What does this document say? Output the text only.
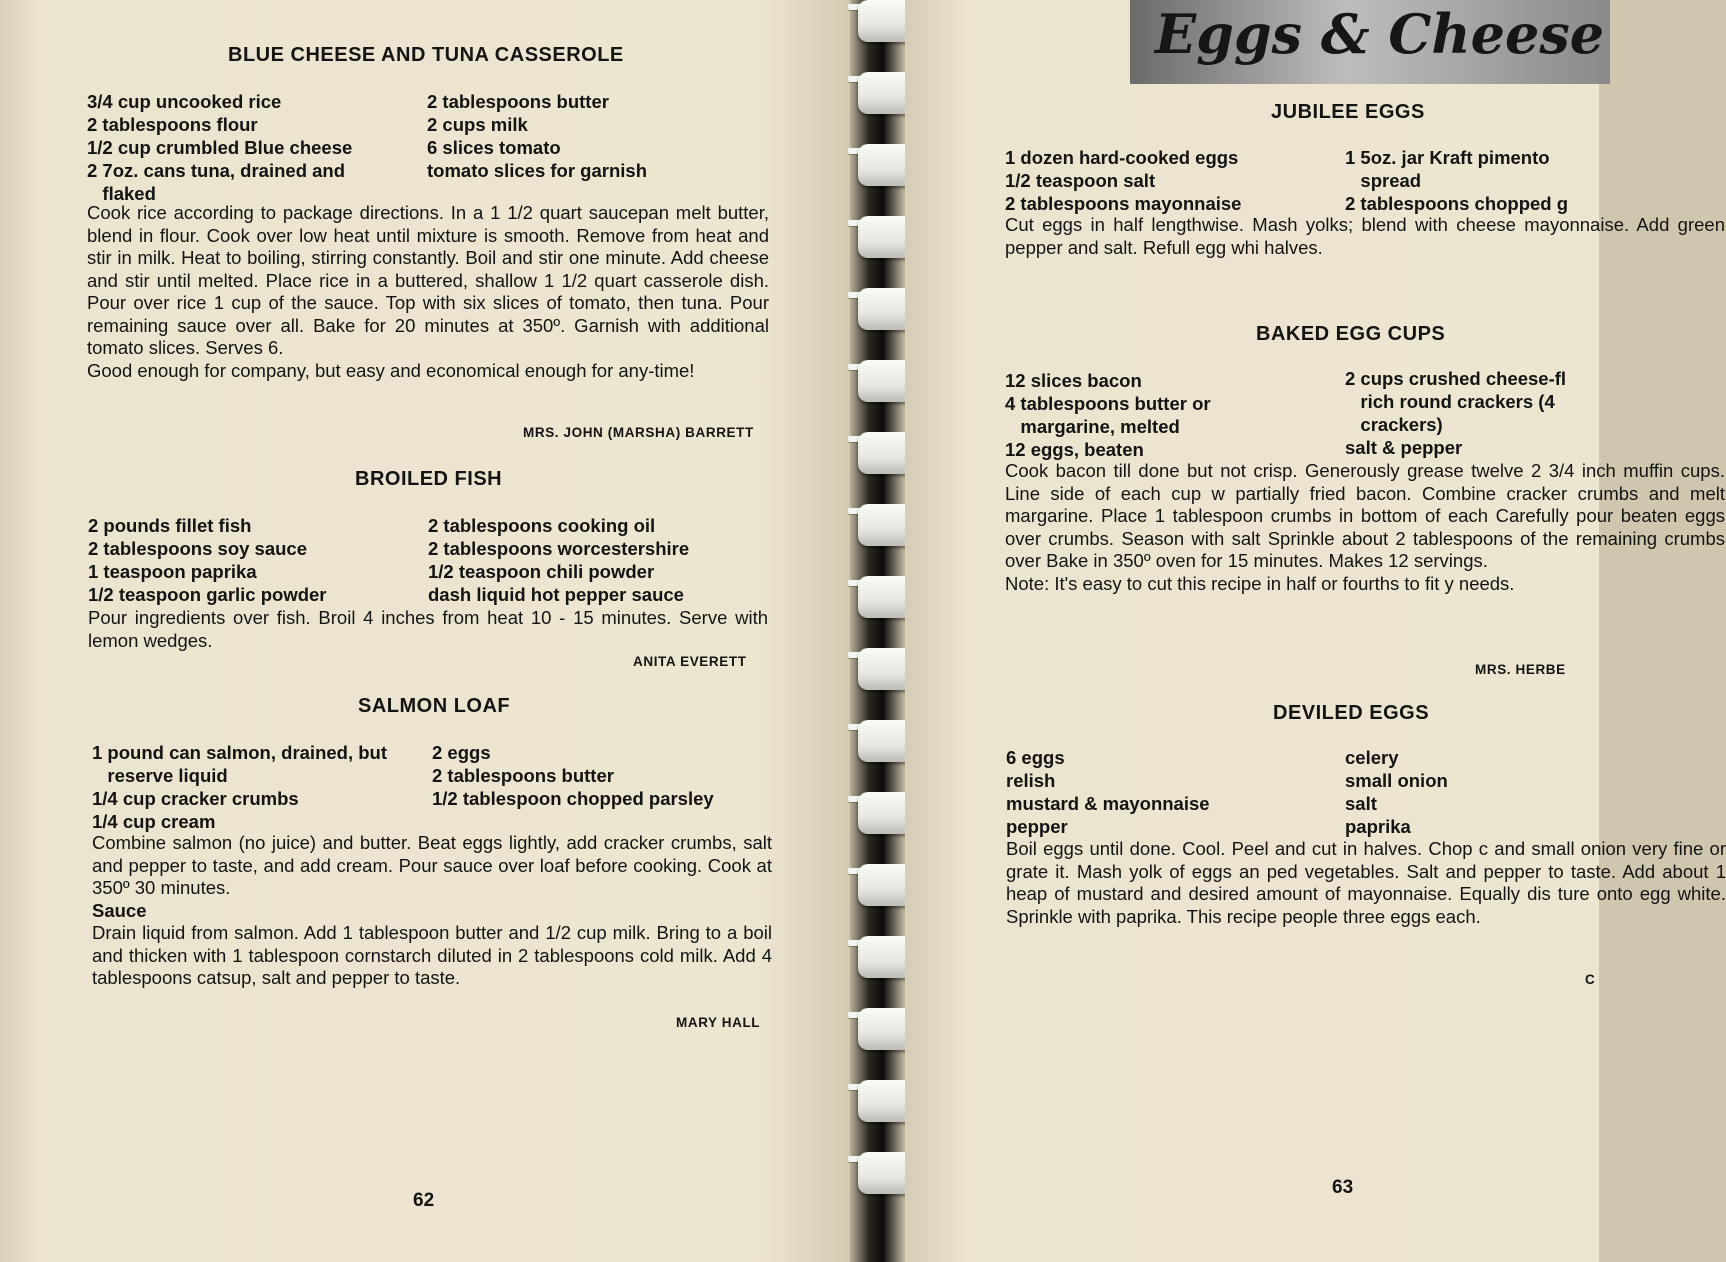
BLUE CHEESE AND TUNA CASSEROLE
3/4 cup uncooked rice
2 tablespoons flour
1/2 cup crumbled Blue cheese
2 7oz. cans tuna, drained and
flaked
2 tablespoons butter
2 cups milk
6 slices tomato
tomato slices for garnish

Cook rice according to package directions. In a 1 1/2 quart saucepan melt butter, blend in flour. Cook over low heat until mixture is smooth. Remove from heat and stir in milk. Heat to boiling, stirring constantly. Boil and stir one minute. Add cheese and stir until melted. Place rice in a buttered, shallow 1 1/2 quart casserole dish. Pour over rice 1 cup of the sauce. Top with six slices of tomato, then tuna. Pour remaining sauce over all. Bake for 20 minutes at 350º. Garnish with additional tomato slices. Serves 6.

Good enough for company, but easy and economical enough for any-time!

MRS. JOHN (MARSHA) BARRETT
BROILED FISH
2 pounds fillet fish
2 tablespoons soy sauce
1 teaspoon paprika
1/2 teaspoon garlic powder
2 tablespoons cooking oil
2 tablespoons worcestershire
1/2 teaspoon chili powder
dash liquid hot pepper sauce

Pour ingredients over fish. Broil 4 inches from heat 10 - 15 minutes. Serve with lemon wedges.

ANITA EVERETT
SALMON LOAF
1 pound can salmon, drained, but
reserve liquid
1/4 cup cracker crumbs
1/4 cup cream
2 eggs
2 tablespoons butter
1/2 tablespoon chopped parsley

Combine salmon (no juice) and butter. Beat eggs lightly, add cracker crumbs, salt and pepper to taste, and add cream. Pour sauce over loaf before cooking. Cook at 350º 30 minutes.

Sauce

Drain liquid from salmon. Add 1 tablespoon butter and 1/2 cup milk. Bring to a boil and thicken with 1 tablespoon cornstarch diluted in 2 tablespoons cold milk. Add 4 tablespoons catsup, salt and pepper to taste.

MARY HALL
62
Eggs & Cheese
JUBILEE EGGS
1 dozen hard-cooked eggs
1/2 teaspoon salt
2 tablespoons mayonnaise
1 5oz. jar Kraft pimento
spread
2 tablespoons chopped g

Cut eggs in half lengthwise. Mash yolks; blend with cheese mayonnaise. Add green pepper and salt. Refull egg whi halves.

BAKED EGG CUPS
12 slices bacon
4 tablespoons butter or
margarine, melted
12 eggs, beaten
2 cups crushed cheese-fl
rich round crackers (4
crackers)
salt & pepper

Cook bacon till done but not crisp. Generously grease twelve 2 3/4 inch muffin cups. Line side of each cup w partially fried bacon. Combine cracker crumbs and melt margarine. Place 1 tablespoon crumbs in bottom of each Carefully pour beaten eggs over crumbs. Season with salt Sprinkle about 2 tablespoons of the remaining crumbs over Bake in 350º oven for 15 minutes. Makes 12 servings.

Note: It's easy to cut this recipe in half or fourths to fit y needs.

MRS. HERBE
DEVILED EGGS
6 eggs
relish
mustard & mayonnaise
pepper
celery
small onion
salt
paprika

Boil eggs until done. Cool. Peel and cut in halves. Chop c and small onion very fine or grate it. Mash yolk of eggs an ped vegetables. Salt and pepper to taste. Add about 1 heap of mustard and desired amount of mayonnaise. Equally dis ture onto egg white. Sprinkle with paprika. This recipe people three eggs each.

C
63
